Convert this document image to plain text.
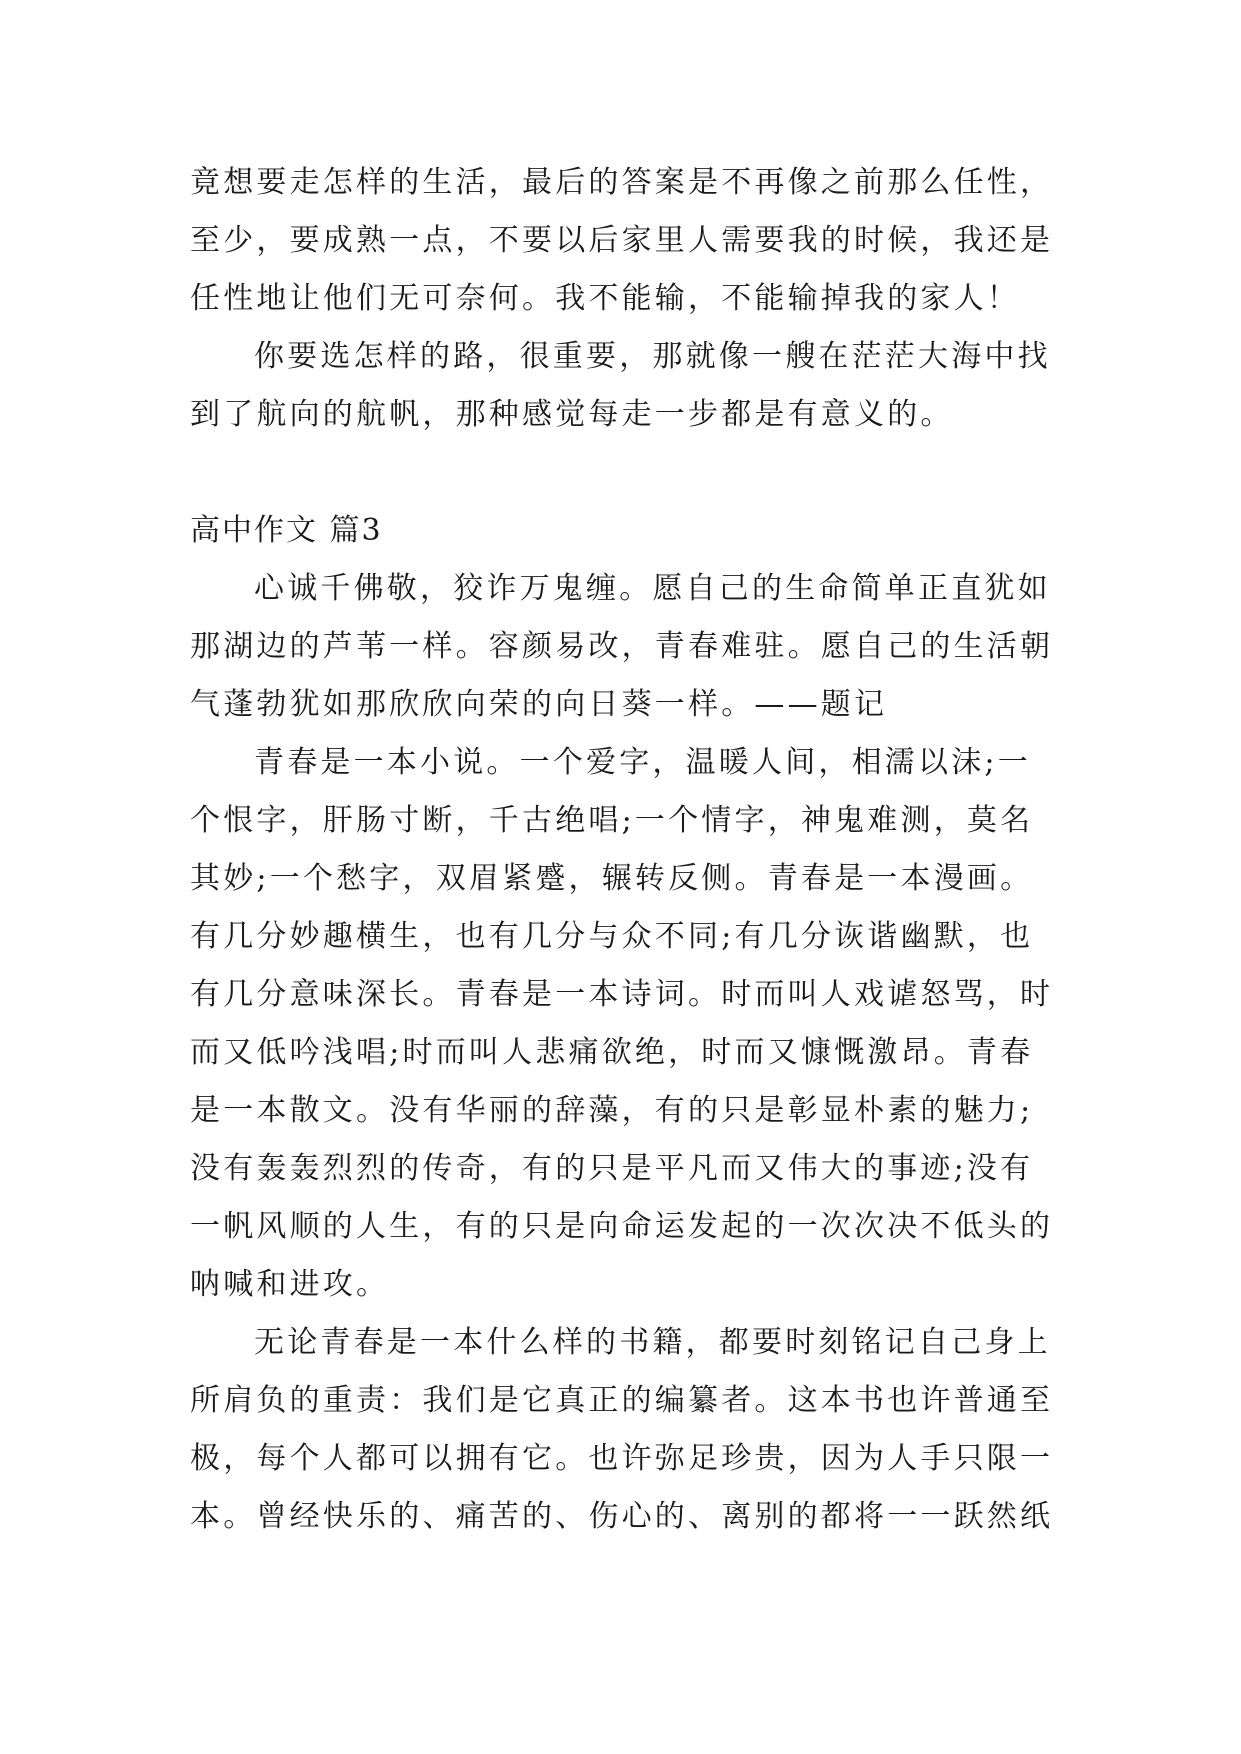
竟想要走怎样的生活，最后的答案是不再像之前那么任性，
至少，要成熟一点，不要以后家里人需要我的时候，我还是
任性地让他们无可奈何。我不能输，不能输掉我的家人！
你要选怎样的路，很重要，那就像一艘在茫茫大海中找
到了航向的航帆，那种感觉每走一步都是有意义的。
高中作文 篇3
心诚千佛敬，狡诈万鬼缠。愿自己的生命简单正直犹如
那湖边的芦苇一样。容颜易改，青春难驻。愿自己的生活朝
气蓬勃犹如那欣欣向荣的向日葵一样。——题记
青春是一本小说。一个爱字，温暖人间，相濡以沫;一
个恨字，肝肠寸断，千古绝唱;一个情字，神鬼难测，莫名
其妙;一个愁字，双眉紧蹙，辗转反侧。青春是一本漫画。
有几分妙趣横生，也有几分与众不同;有几分诙谐幽默，也
有几分意味深长。青春是一本诗词。时而叫人戏谑怒骂，时
而又低吟浅唱;时而叫人悲痛欲绝，时而又慷慨激昂。青春
是一本散文。没有华丽的辞藻，有的只是彰显朴素的魅力;
没有轰轰烈烈的传奇，有的只是平凡而又伟大的事迹;没有
一帆风顺的人生，有的只是向命运发起的一次次决不低头的
呐喊和进攻。
无论青春是一本什么样的书籍，都要时刻铭记自己身上
所肩负的重责：我们是它真正的编纂者。这本书也许普通至
极，每个人都可以拥有它。也许弥足珍贵，因为人手只限一
本。曾经快乐的、痛苦的、伤心的、离别的都将一一跃然纸
